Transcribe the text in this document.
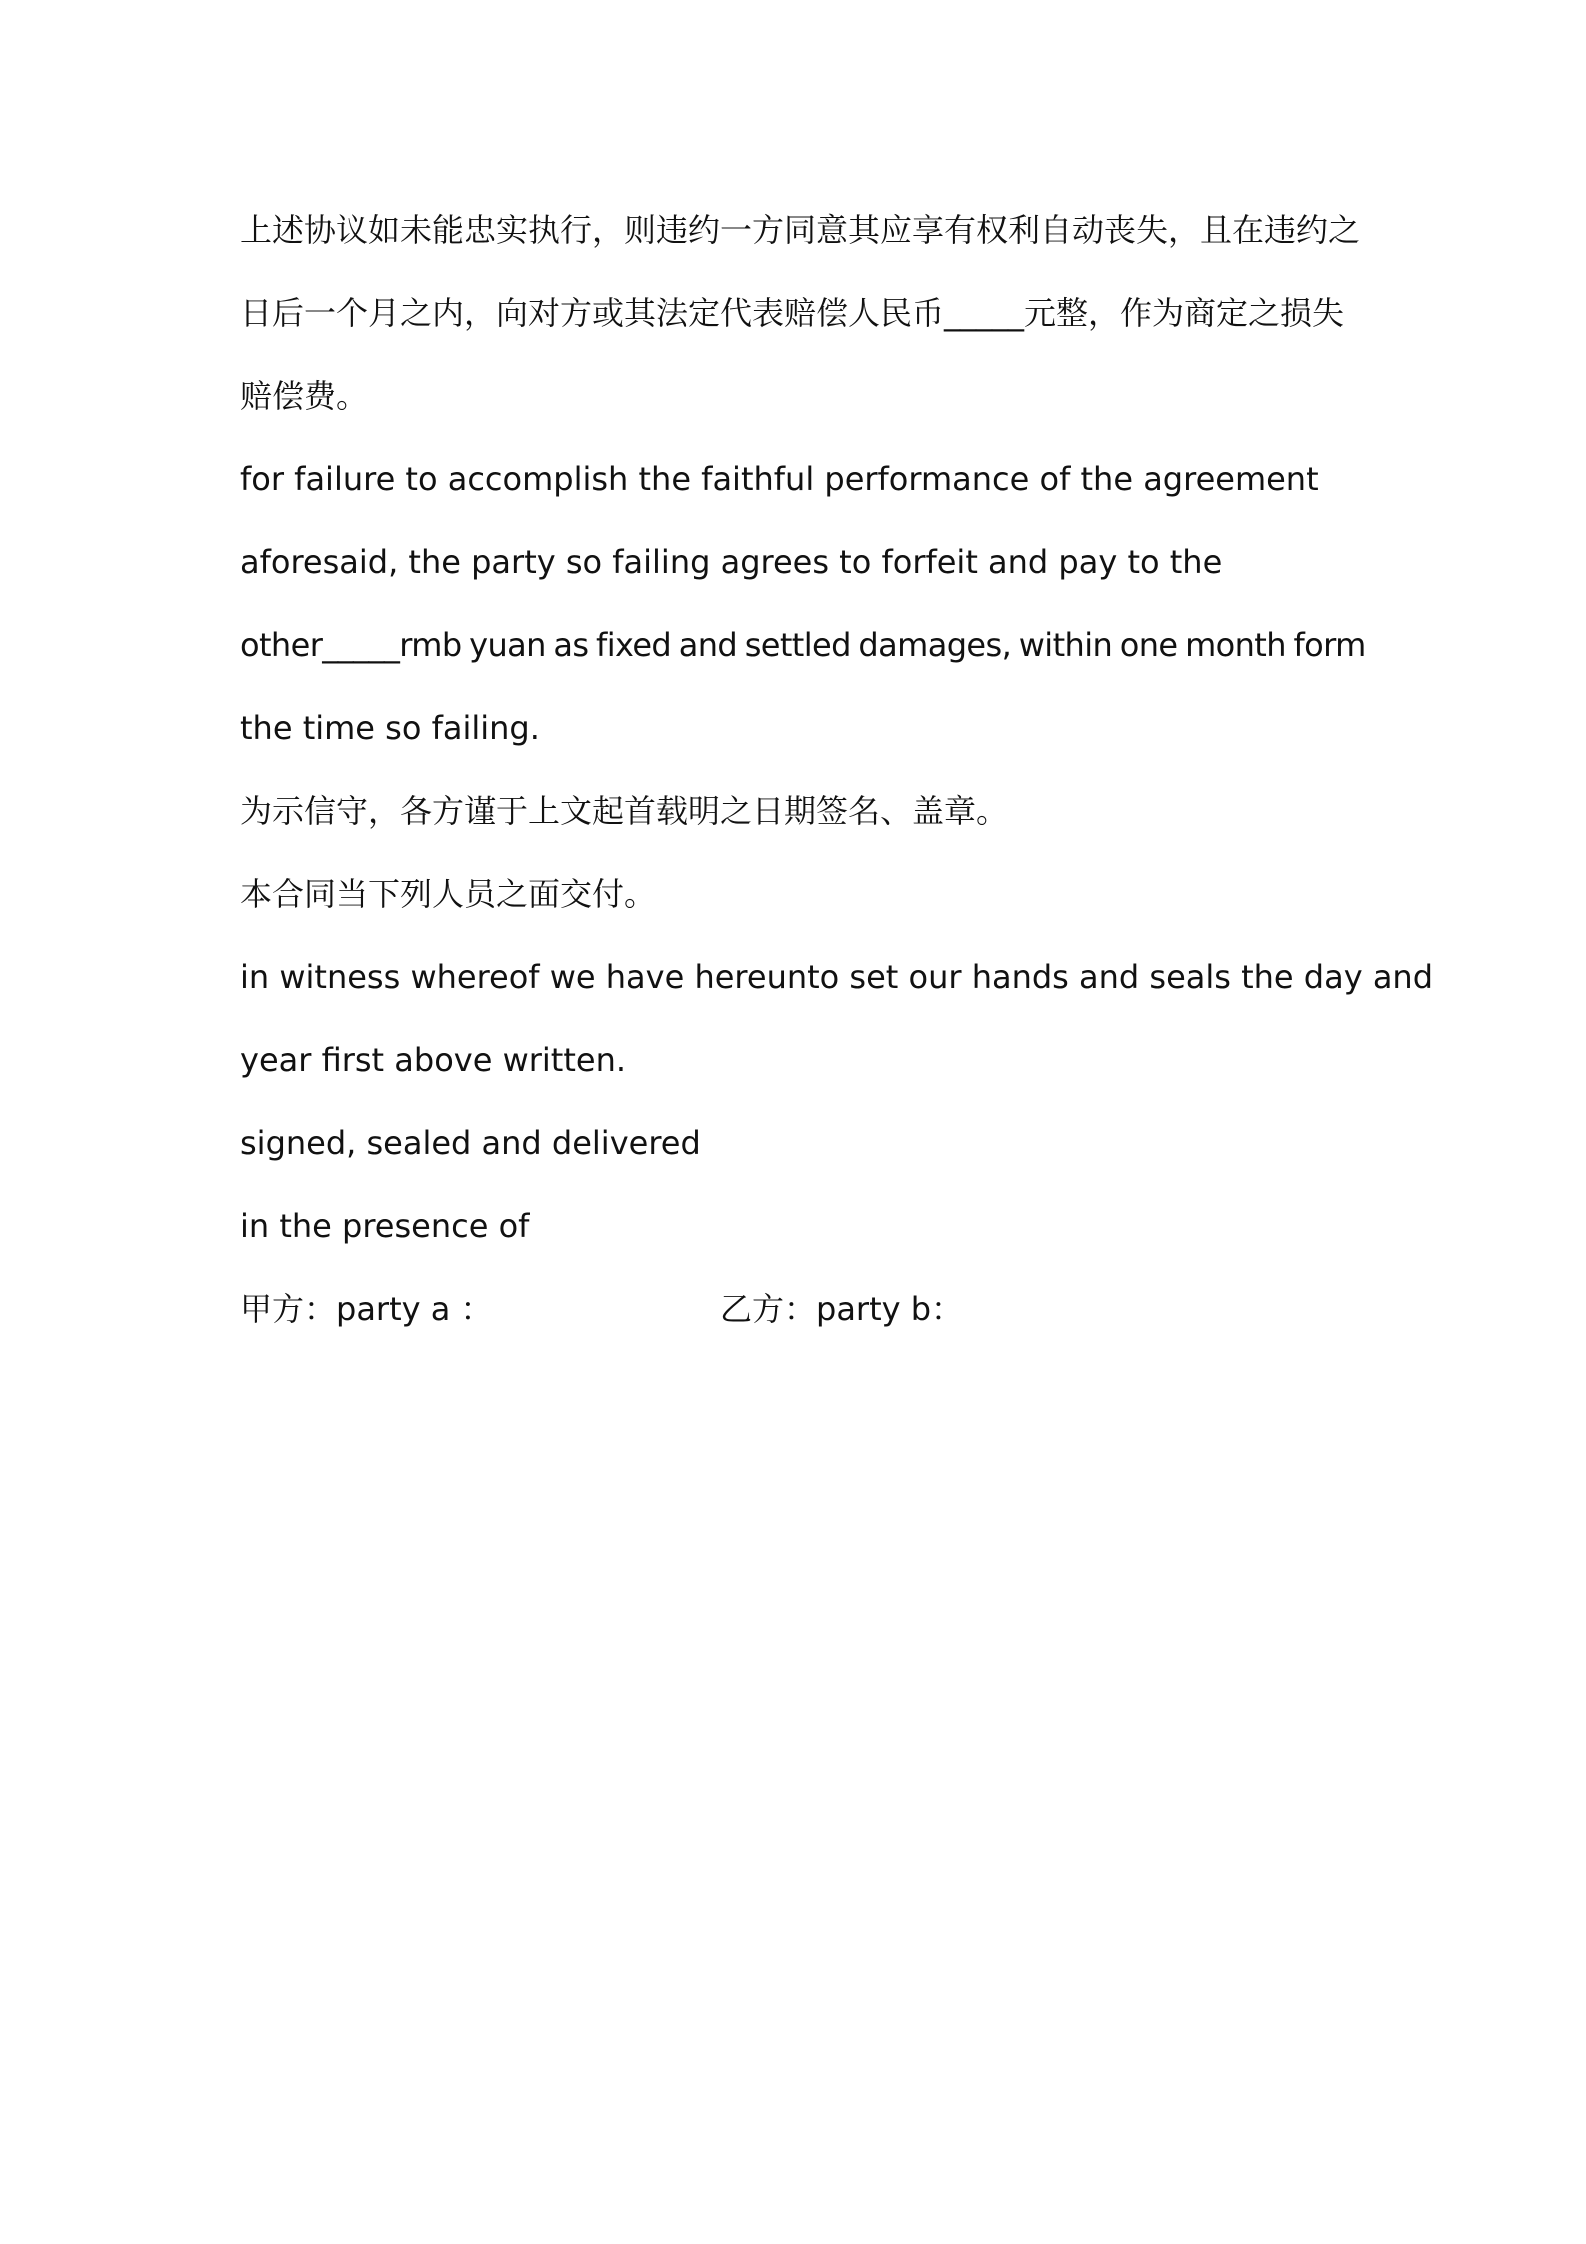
上述协议如未能忠实执行，则违约一方同意其应享有权利自动丧失，且在违约之
日后一个月之内，向对方或其法定代表赔偿人民币_____元整，作为商定之损失
赔偿费。
for failure to accomplish the faithful performance of the agreement
aforesaid, the party so failing agrees to forfeit and pay to the
other_____rmb yuan as fixed and settled damages, within one month form
the time so failing.
为示信守，各方谨于上文起首载明之日期签名、盖章。
本合同当下列人员之面交付。
in witness whereof we have hereunto set our hands and seals the day and
year first above written.
signed, sealed and delivered
in the presence of
甲方：party a ：	乙方：party b：
